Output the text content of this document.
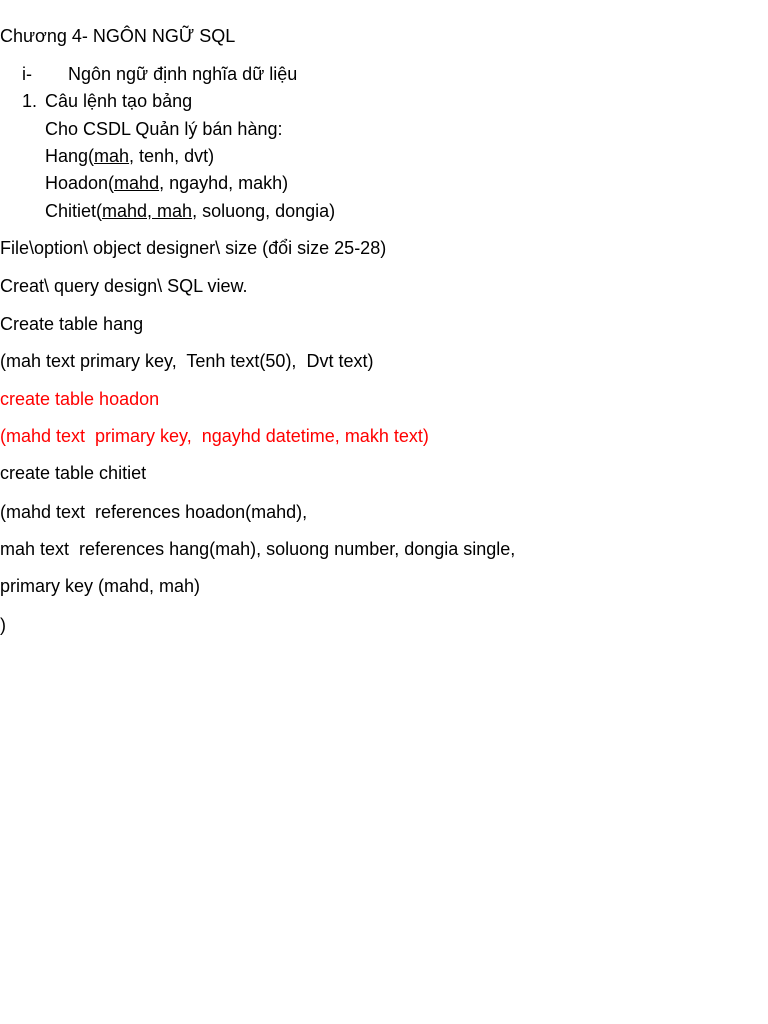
Chương 4- NGÔN NGỮ SQL
i- Ngôn ngữ định nghĩa dữ liệu
1. Câu lệnh tạo bảng
Cho CSDL Quản lý bán hàng:
Hang(mah, tenh, dvt)
Hoadon(mahd, ngayhd, makh)
Chitiet(mahd, mah, soluong, dongia)
File\option\ object designer\ size (đổi size 25-28)
Creat\ query design\ SQL view.
Create table hang
(mah text primary key,  Tenh text(50),  Dvt text)
create table hoadon
(mahd text  primary key,  ngayhd datetime, makh text)
create table chitiet
(mahd text  references hoadon(mahd),
mah text  references hang(mah), soluong number, dongia single,
primary key (mahd, mah)
)
